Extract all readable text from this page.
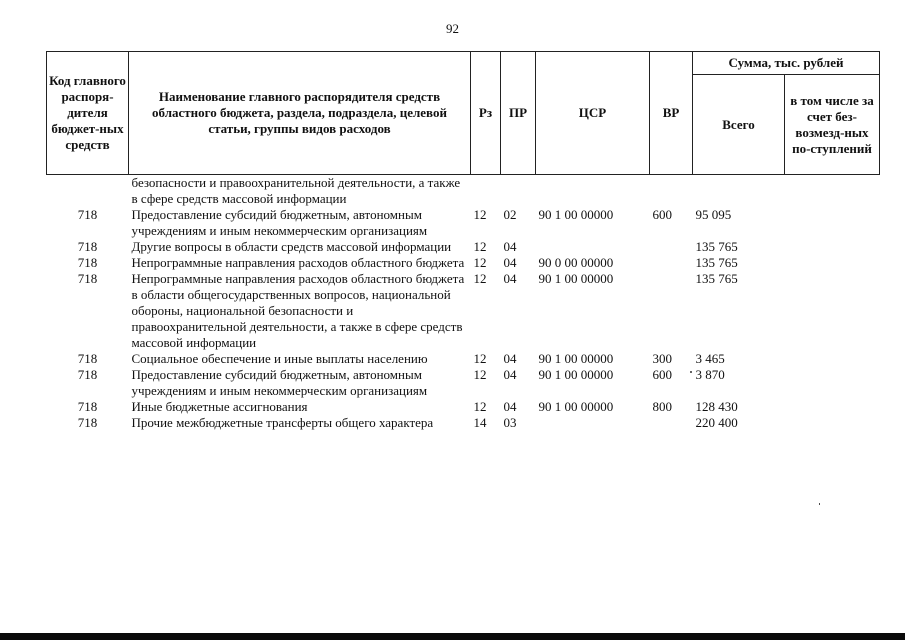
92
Код главного распоря-дителя бюджет-ных средств	Наименование главного распорядителя средств областного бюджета, раздела, подраздела, целевой статьи, группы видов расходов	Рз	ПР	ЦСР	ВР	Сумма, тыс. рублей	
						Всего	в том числе за счет без-возмезд-ных по-ступлений
	безопасности и правоохранительной деятельности, а также в сфере средств массовой информации						
718	Предоставление субсидий бюджетным, автономным учреждениям и иным некоммерческим организациям	12	02	90 1 00 00000	600	95 095	
718	Другие вопросы в области средств массовой информации	12	04			135 765	
718	Непрограммные направления расходов областного бюджета	12	04	90 0 00 00000		135 765	
718	Непрограммные направления расходов областного бюджета в области общегосударственных вопросов, национальной обороны, национальной безопасности и правоохранительной деятельности, а также в сфере средств массовой информации	12	04	90 1 00 00000		135 765	
718	Социальное обеспечение и иные выплаты населению	12	04	90 1 00 00000	300	3 465	
718	Предоставление субсидий бюджетным, автономным учреждениям и иным некоммерческим организациям	12	04	90 1 00 00000	600	3 870	
718	Иные бюджетные ассигнования	12	04	90 1 00 00000	800	128 430	
718	Прочие межбюджетные трансферты общего характера	14	03			220 400	
